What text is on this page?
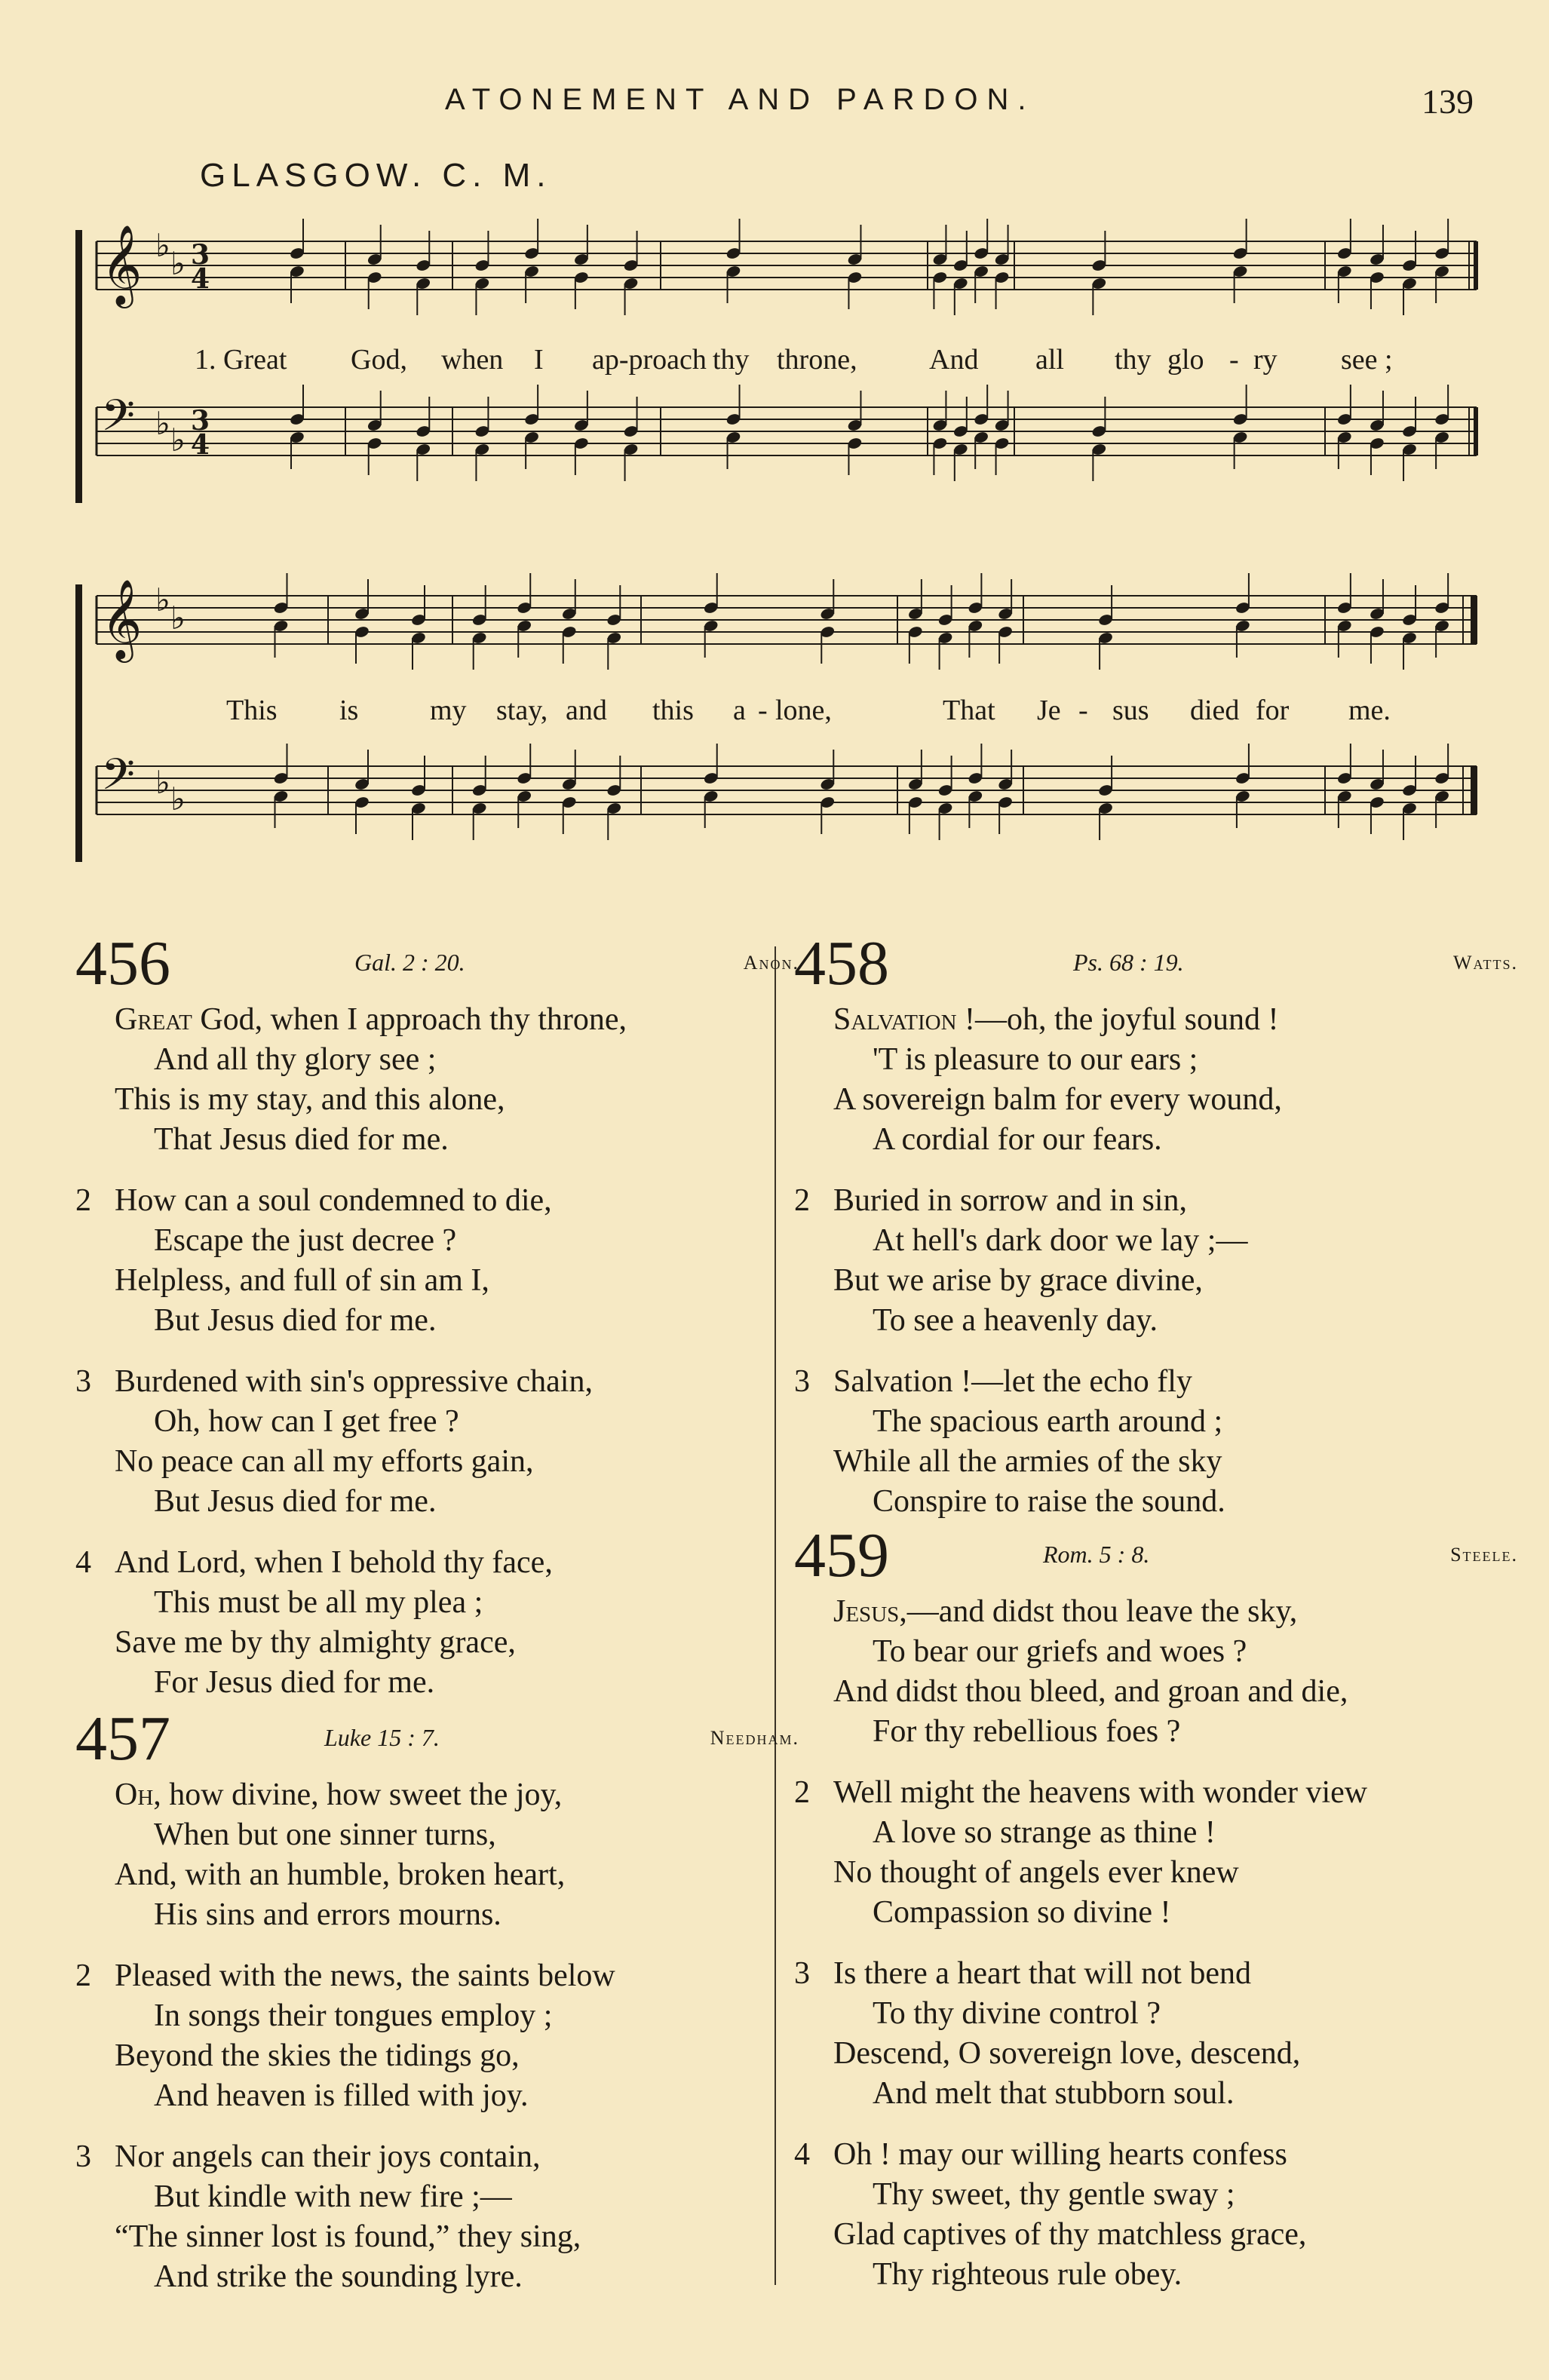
ATONEMENT AND PARDON.	139
GLASGOW. C. M.
𝄞 ♭ ♭ 3
4
𝄢 ♭ ♭
3
4
𝄞 ♭ ♭
𝄢 ♭ ♭
1. Great God, when I ap-proach thy throne,	And all thy glo - ry see ;
This is my stay, and this a - lone,	That Je - sus died for me.
456	Gal. 2 : 20.	Anon.
Great God, when I approach thy throne,
And all thy glory see ;
This is my stay, and this alone,
That Jesus died for me.
2 How can a soul condemned to die,
Escape the just decree ?
Helpless, and full of sin am I,
But Jesus died for me.
3 Burdened with sin's oppressive chain,
Oh, how can I get free ?
No peace can all my efforts gain,
But Jesus died for me.
4 And Lord, when I behold thy face,
This must be all my plea ;
Save me by thy almighty grace,
For Jesus died for me.
457	Luke 15 : 7.	Needham.
Oh, how divine, how sweet the joy,
When but one sinner turns,
And, with an humble, broken heart,
His sins and errors mourns.
2 Pleased with the news, the saints below
In songs their tongues employ ;
Beyond the skies the tidings go,
And heaven is filled with joy.
3 Nor angels can their joys contain,
But kindle with new fire ;—
“The sinner lost is found,” they sing,
And strike the sounding lyre.
458	Ps. 68 : 19.	Watts.
Salvation !—oh, the joyful sound !
'T is pleasure to our ears ;
A sovereign balm for every wound,
A cordial for our fears.
2 Buried in sorrow and in sin,
At hell's dark door we lay ;—
But we arise by grace divine,
To see a heavenly day.
3 Salvation !—let the echo fly
The spacious earth around ;
While all the armies of the sky
Conspire to raise the sound.
459	Rom. 5 : 8.	Steele.
Jesus,—and didst thou leave the sky,
To bear our griefs and woes ?
And didst thou bleed, and groan and die,
For thy rebellious foes ?
2 Well might the heavens with wonder view
A love so strange as thine !
No thought of angels ever knew
Compassion so divine !
3 Is there a heart that will not bend
To thy divine control ?
Descend, O sovereign love, descend,
And melt that stubborn soul.
4 Oh ! may our willing hearts confess
Thy sweet, thy gentle sway ;
Glad captives of thy matchless grace,
Thy righteous rule obey.
